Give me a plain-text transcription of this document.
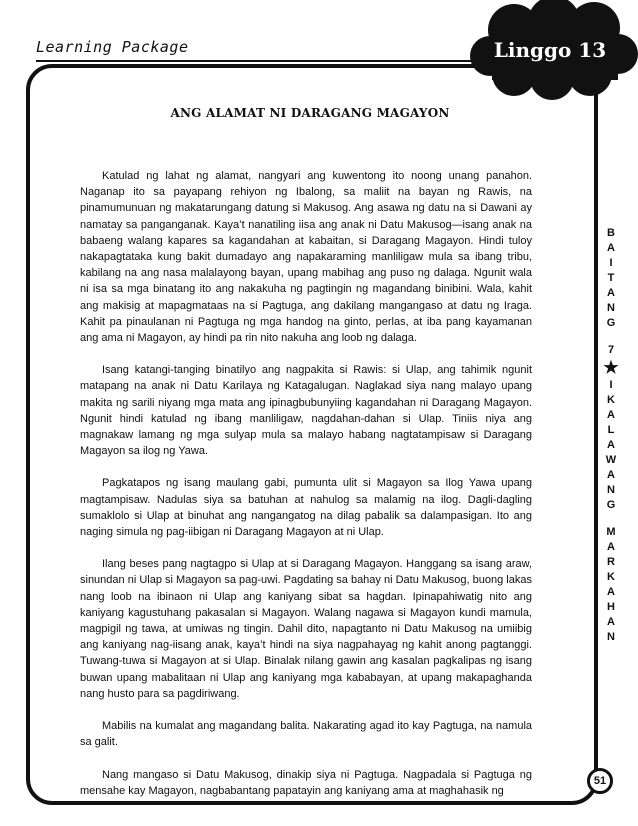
Learning Package	Linggo 13
ANG ALAMAT NI DARAGANG MAGAYON

Katulad ng lahat ng alamat, nangyari ang kuwentong ito noong unang panahon. Naganap ito sa payapang rehiyon ng Ibalong, sa maliit na bayan ng Rawis, na pinamumunuan ng makatarungang datung si Makusog. Ang asawa ng datu na si Dawani ay namatay sa panganganak. Kaya’t nanatiling iisa ang anak ni Datu Makusog—isang anak na babaeng walang kapares sa kagandahan at kabaitan, si Daragang Magayon. Hindi tuloy nakapagtataka kung bakit dumadayo ang napakaraming manliligaw mula sa ibang tribu, kabilang na ang nasa malalayong bayan, upang mabihag ang puso ng dalaga. Ngunit wala ni isa sa mga binatang ito ang nakakuha ng pagtingin ng magandang binibini. Wala, kahit ang makisig at mapagmataas na si Pagtuga, ang dakilang mangangaso at datu ng Iraga. Kahit pa pinaulanan ni Pagtuga ng mga handog na ginto, perlas, at iba pang kayamanan ang ama ni Magayon, ay hindi pa rin nito nakuha ang loob ng dalaga.

Isang katangi-tanging binatilyo ang nagpakita si Rawis: si Ulap, ang tahimik ngunit matapang na anak ni Datu Karilaya ng Katagalugan. Naglakad siya nang malayo upang makita ng sarili niyang mga mata ang ipinagbubunyiing kagandahan ni Daragang Magayon. Ngunit hindi katulad ng ibang manliligaw, nagdahan-dahan si Ulap. Tiniis niya ang magnakaw lamang ng mga sulyap mula sa malayo habang nagtatampisaw si Daragang Magayon sa ilog ng Yawa.

Pagkatapos ng isang maulang gabi, pumunta ulit si Magayon sa Ilog Yawa upang magtampisaw. Nadulas siya sa batuhan at nahulog sa malamig na ilog. Dagli-dagling sumaklolo si Ulap at binuhat ang nangangatog na dilag pabalik sa dalampasigan. Ito ang naging simula ng pag-iibigan ni Daragang Magayon at ni Ulap.

Ilang beses pang nagtagpo si Ulap at si Daragang Magayon. Hanggang sa isang araw, sinundan ni Ulap si Magayon sa pag-uwi. Pagdating sa bahay ni Datu Makusog, buong lakas nang loob na ibinaon ni Ulap ang kaniyang sibat sa hagdan. Ipinapahiwatig nito ang kaniyang kagustuhang pakasalan si Magayon. Walang nagawa si Magayon kundi mamula, magpigil ng tawa, at umiwas ng tingin. Dahil dito, napagtanto ni Datu Makusog na umiibig ang kaniyang nag-iisang anak, kaya’t hindi na siya nagpahayag ng kahit anong pagtanggi. Tuwang-tuwa si Magayon at si Ulap. Binalak nilang gawin ang kasalan pagkalipas ng isang buwan upang mabalitaan ni Ulap ang kaniyang mga kababayan, at upang makapaghanda nang husto para sa pagdiriwang.

Mabilis na kumalat ang magandang balita. Nakarating agad ito kay Pagtuga, na namula sa galit.

Nang mangaso si Datu Makusog, dinakip siya ni Pagtuga. Nagpadala si Pagtuga ng mensahe kay Magayon, nagbabantang papatayin ang kaniyang ama at maghahasik ng

B
A
I
T
A
N
G
7
★
I
K
A
L
A
W
A
N
G
M
A
R
K
A
H
A
N
51
